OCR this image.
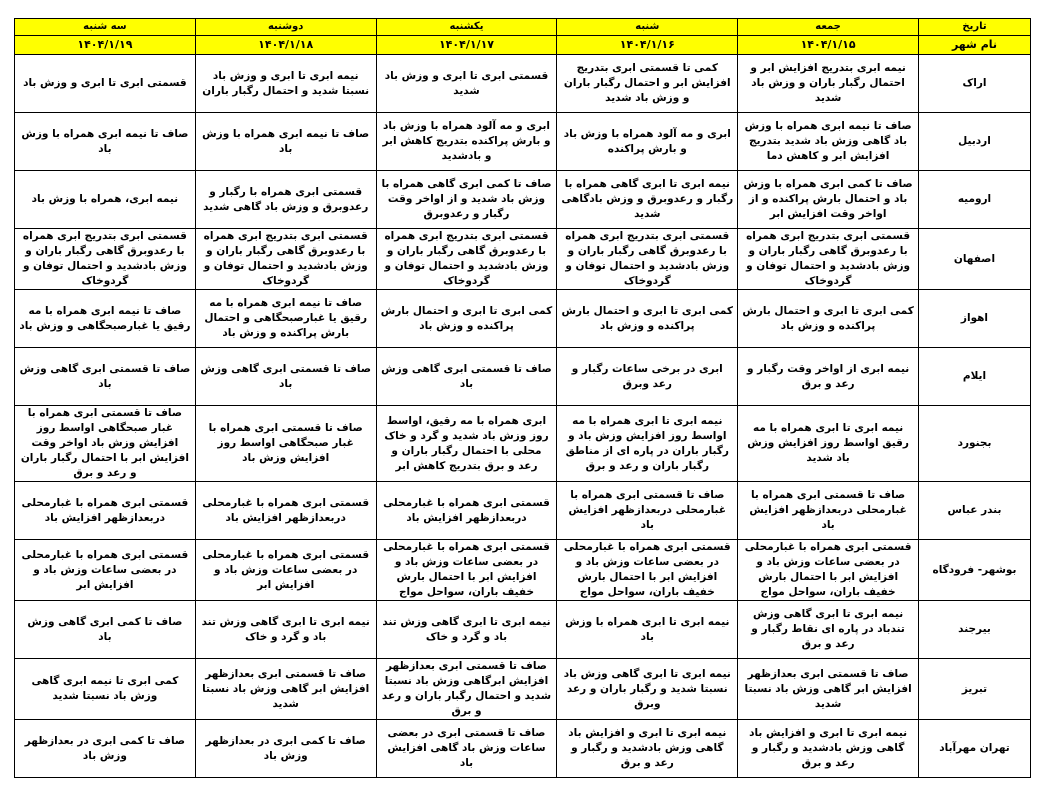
تاریخ	جمعه	شنبه	یکشنبه	دوشنبه	سه شنبه
نام شهر	۱۴۰۴/۱/۱۵	۱۴۰۴/۱/۱۶	۱۴۰۴/۱/۱۷	۱۴۰۴/۱/۱۸	۱۴۰۴/۱/۱۹
اراک	نیمه ابری بتدریج افزایش ابر و احتمال رگبار باران و وزش باد شدید	کمی تا قسمتی ابری بتدریج افزایش ابر و احتمال رگبار باران و وزش باد شدید	قسمتی ابری تا ابری و وزش باد شدید	نیمه ابری تا ابری و وزش باد نسبتا شدید و احتمال رگبار باران	قسمتی ابری تا ابری و وزش باد
اردبیل	صاف تا نیمه ابری همراه با وزش باد گاهی وزش باد شدید بتدریج افزایش ابر و کاهش دما	ابری و مه آلود همراه با وزش باد و بارش پراکنده	ابری و مه آلود همراه با وزش باد و بارش پراکنده بتدریج کاهش ابر و بادشدید	صاف تا نیمه ابری همراه با وزش باد	صاف تا نیمه ابری همراه با وزش باد
ارومیه	صاف تا کمی ابری همراه با وزش باد و احتمال بارش پراکنده و از اواخر وقت افزایش ابر	نیمه ابری تا ابری گاهی همراه با رگبار و رعدوبرق و وزش بادگاهی شدید	صاف تا کمی ابری گاهی همراه با وزش باد شدید و از اواخر وقت رگبار و رعدوبرق	قسمتی ابری همراه با رگبار و رعدوبرق و وزش باد گاهی شدید	نیمه ابری، همراه با وزش باد
اصفهان	قسمتی ابری بتدریج ابری همراه با رعدوبرق گاهی رگبار باران و وزش بادشدید و احتمال توفان و گردوخاک	قسمتی ابری بتدریج ابری همراه با رعدوبرق گاهی رگبار باران و وزش بادشدید و احتمال توفان و گردوخاک	قسمتی ابری بتدریج ابری همراه با رعدوبرق گاهی رگبار باران و وزش بادشدید و احتمال توفان و گردوخاک	قسمتی ابری بتدریج ابری همراه با رعدوبرق گاهی رگبار باران و وزش بادشدید و احتمال توفان و گردوخاک	قسمتی ابری بتدریج ابری همراه با رعدوبرق گاهی رگبار باران و وزش بادشدید و احتمال توفان و گردوخاک
اهواز	کمی ابری تا ابری و احتمال بارش پراکنده و وزش باد	کمی ابری تا ابری و احتمال بارش پراکنده و وزش باد	کمی ابری تا ابری و احتمال بارش پراکنده و وزش باد	صاف تا نیمه ابری همراه با مه رقیق یا غبارصبحگاهی و احتمال بارش پراکنده و وزش باد	صاف تا نیمه ابری همراه با مه رقیق یا غبارصبحگاهی و وزش باد
ایلام	نیمه ابری از اواخر وقت رگبار و رعد و برق	ابری در برخی ساعات رگبار و رعد وبرق	صاف تا قسمتی ابری گاهی وزش باد	صاف تا قسمتی ابری گاهی وزش باد	صاف تا قسمتی ابری گاهی وزش باد
بجنورد	نیمه ابری تا ابری همراه با مه رقیق اواسط روز افزایش وزش باد شدید	نیمه ابری تا ابری همراه با مه اواسط روز افزایش وزش باد و رگبار باران در پاره ای از مناطق رگبار باران و رعد و برق	ابری همراه با مه رقیق، اواسط روز وزش باد شدید و گرد و خاک محلی با احتمال رگبار باران و رعد و برق بتدریج کاهش ابر	صاف تا قسمتی ابری همراه با غبار صبحگاهی اواسط روز افزایش وزش باد	صاف تا قسمتی ابری همراه با غبار صبحگاهی اواسط روز افزایش وزش باد اواخر وقت افزایش ابر با احتمال رگبار باران و رعد و برق
بندر عباس	صاف تا قسمتی ابری همراه با غبارمحلی دربعدازظهر افزایش باد	صاف تا قسمتی ابری همراه با غبارمحلی دربعدازظهر افزایش باد	قسمتی ابری همراه با غبارمحلی دربعدازظهر افزایش باد	قسمتی ابری همراه با غبارمحلی دربعدازظهر افزایش باد	قسمتی ابری همراه با غبارمحلی دربعدازظهر افزایش باد
بوشهر- فرودگاه	قسمتی ابری همراه با غبارمحلی در بعضی ساعات وزش باد و افزایش ابر با احتمال بارش خفیف باران، سواحل مواج	قسمتی ابری همراه با غبارمحلی در بعضی ساعات وزش باد و افزایش ابر با احتمال بارش خفیف باران، سواحل مواج	قسمتی ابری همراه با غبارمحلی در بعضی ساعات وزش باد و افزایش ابر با احتمال بارش خفیف باران، سواحل مواج	قسمتی ابری همراه با غبارمحلی در بعضی ساعات وزش باد و افزایش ابر	قسمتی ابری همراه با غبارمحلی در بعضی ساعات وزش باد و افزایش ابر
بیرجند	نیمه ابری تا ابری گاهی وزش تندباد در پاره ای نقاط رگبار و رعد و برق	نیمه ابری تا ابری همراه با وزش باد	نیمه ابری تا ابری گاهی وزش تند باد و گرد و خاک	نیمه ابری تا ابری گاهی وزش تند باد و گرد و خاک	صاف تا کمی ابری گاهی وزش باد
تبریز	صاف تا قسمتی ابری بعدازظهر افزایش ابر گاهی وزش باد نسبتا شدید	نیمه ابری تا ابری گاهی وزش باد نسبتا شدید و رگبار باران و رعد وبرق	صاف تا قسمتی ابری بعدازظهر افزایش ابرگاهی وزش باد نسبتا شدید و احتمال رگبار باران و رعد و برق	صاف تا قسمتی ابری بعدازظهر افزایش ابر گاهی وزش باد نسبتا شدید	کمی ابری تا نیمه ابری گاهی وزش باد نسبتا شدید
تهران مهرآباد	نیمه ابری تا ابری و افزایش باد گاهی وزش بادشدید و رگبار و رعد و برق	نیمه ابری تا ابری و افزایش باد گاهی وزش بادشدید و رگبار و رعد و برق	صاف تا قسمتی ابری در بعضی ساعات وزش باد گاهی افزایش باد	صاف تا کمی ابری در بعدازظهر وزش باد	صاف تا کمی ابری در بعدازظهر وزش باد
